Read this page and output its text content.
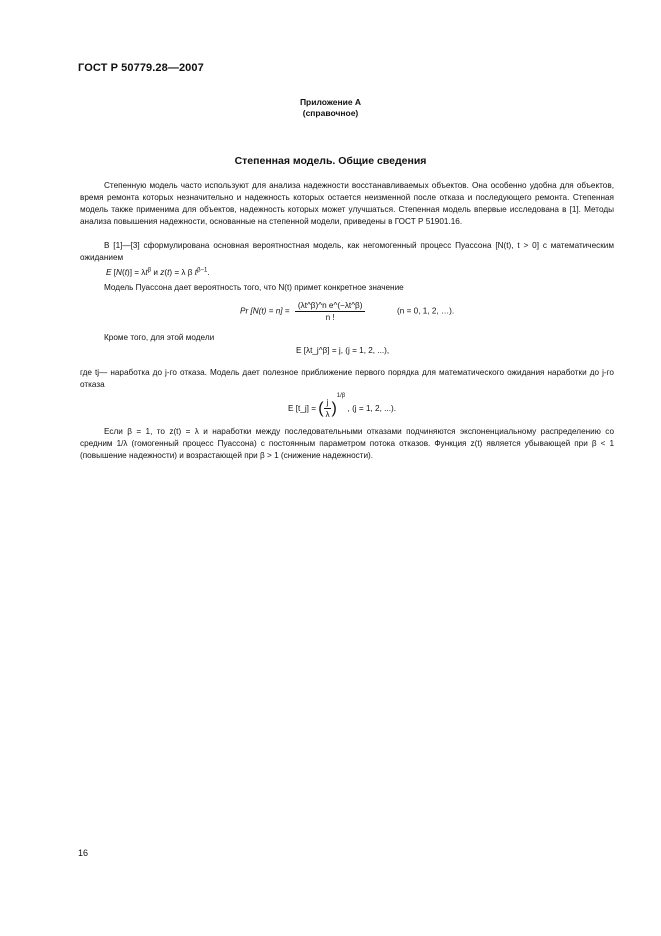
ГОСТ Р 50779.28—2007
Приложение А
(справочное)
Степенная модель. Общие сведения
Степенную модель часто используют для анализа надежности восстанавливаемых объектов. Она особенно удобна для объектов, время ремонта которых незначительно и надежность которых остается неизменной после отказа и последующего ремонта. Степенная модель также применима для объектов, надежность которых может улучшаться. Степенная модель впервые исследована в [1]. Методы анализа повышения надежности, основанные на степенной модели, приведены в ГОСТ Р 51901.16.
В [1]—[3] сформулирована основная вероятностная модель, как негомогенный процесс Пуассона [N(t), t > 0] с математическим ожиданием
E $[N(t)] = \lambda t^\beta$ и z(t) = λ β $t^{\beta-1}$.
Модель Пуассона дает вероятность того, что N(t) примет конкретное значение
Pr $[N(t) = n] = \frac{\text{(λt\textasciicircum{}β)\textasciicircum{}n e\textasciicircum{}(−λt\textasciicircum{}β)}}{n !}$	(n = 0, 1, 2, …).
Кроме того, для этой модели
E [λt_j^β] = j, (j = 1, 2, ...),
где tj— наработка до j-го отказа. Модель дает полезное приближение первого порядка для математического ожидания наработки до j-го отказа
E [t_j] = ( $\frac{j}{\lambda} )^{1/\beta}$ , (j = 1, 2, ...).
Если β = 1, то z(t) = λ и наработки между последовательными отказами подчиняются экспоненциальному распределению со средним 1/λ (гомогенный процесс Пуассона) с постоянным параметром потока отказов. Функция z(t) является убывающей при β < 1 (повышение надежности) и возрастающей при β > 1 (снижение надежности).
16
